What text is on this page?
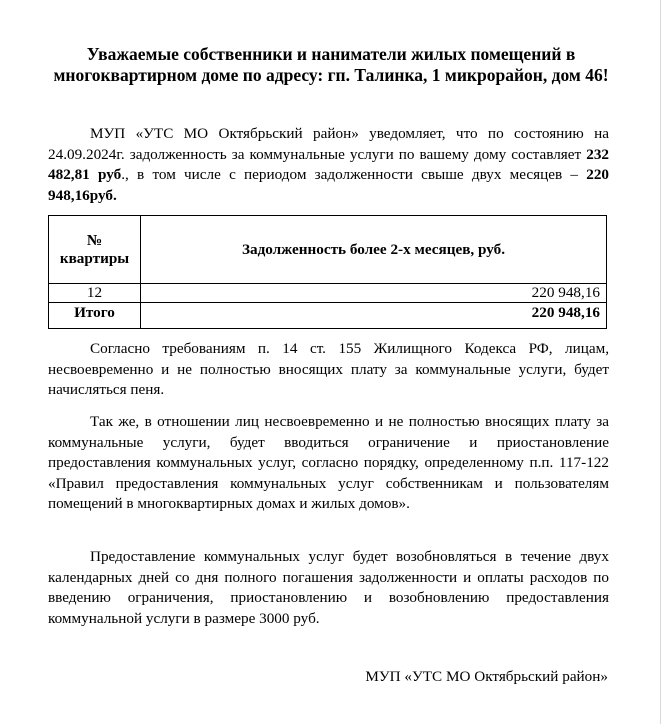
Уважаемые собственники и наниматели жилых помещений в многоквартирном доме по адресу: гп. Талинка, 1 микрорайон, дом 46!
МУП «УТС МО Октябрьский район» уведомляет, что по состоянию на 24.09.2024г. задолженность за коммунальные услуги по вашему дому составляет 232 482,81 руб., в том числе с периодом задолженности свыше двух месяцев – 220 948,16руб.
№ квартиры	Задолженность более 2-х месяцев, руб.
12	220 948,16
Итого	220 948,16
Согласно требованиям п. 14 ст. 155 Жилищного Кодекса РФ, лицам, несвоевременно и не полностью вносящих плату за коммунальные услуги, будет начисляться пеня.
Так же, в отношении лиц несвоевременно и не полностью вносящих плату за коммунальные услуги, будет вводиться ограничение и приостановление предоставления коммунальных услуг, согласно порядку, определенному п.п. 117-122 «Правил предоставления коммунальных услуг собственникам и пользователям помещений в многоквартирных домах и жилых домов».
Предоставление коммунальных услуг будет возобновляться в течение двух календарных дней со дня полного погашения задолженности и оплаты расходов по введению ограничения, приостановлению и возобновлению предоставления коммунальной услуги в размере 3000 руб.
МУП «УТС МО Октябрьский район»
